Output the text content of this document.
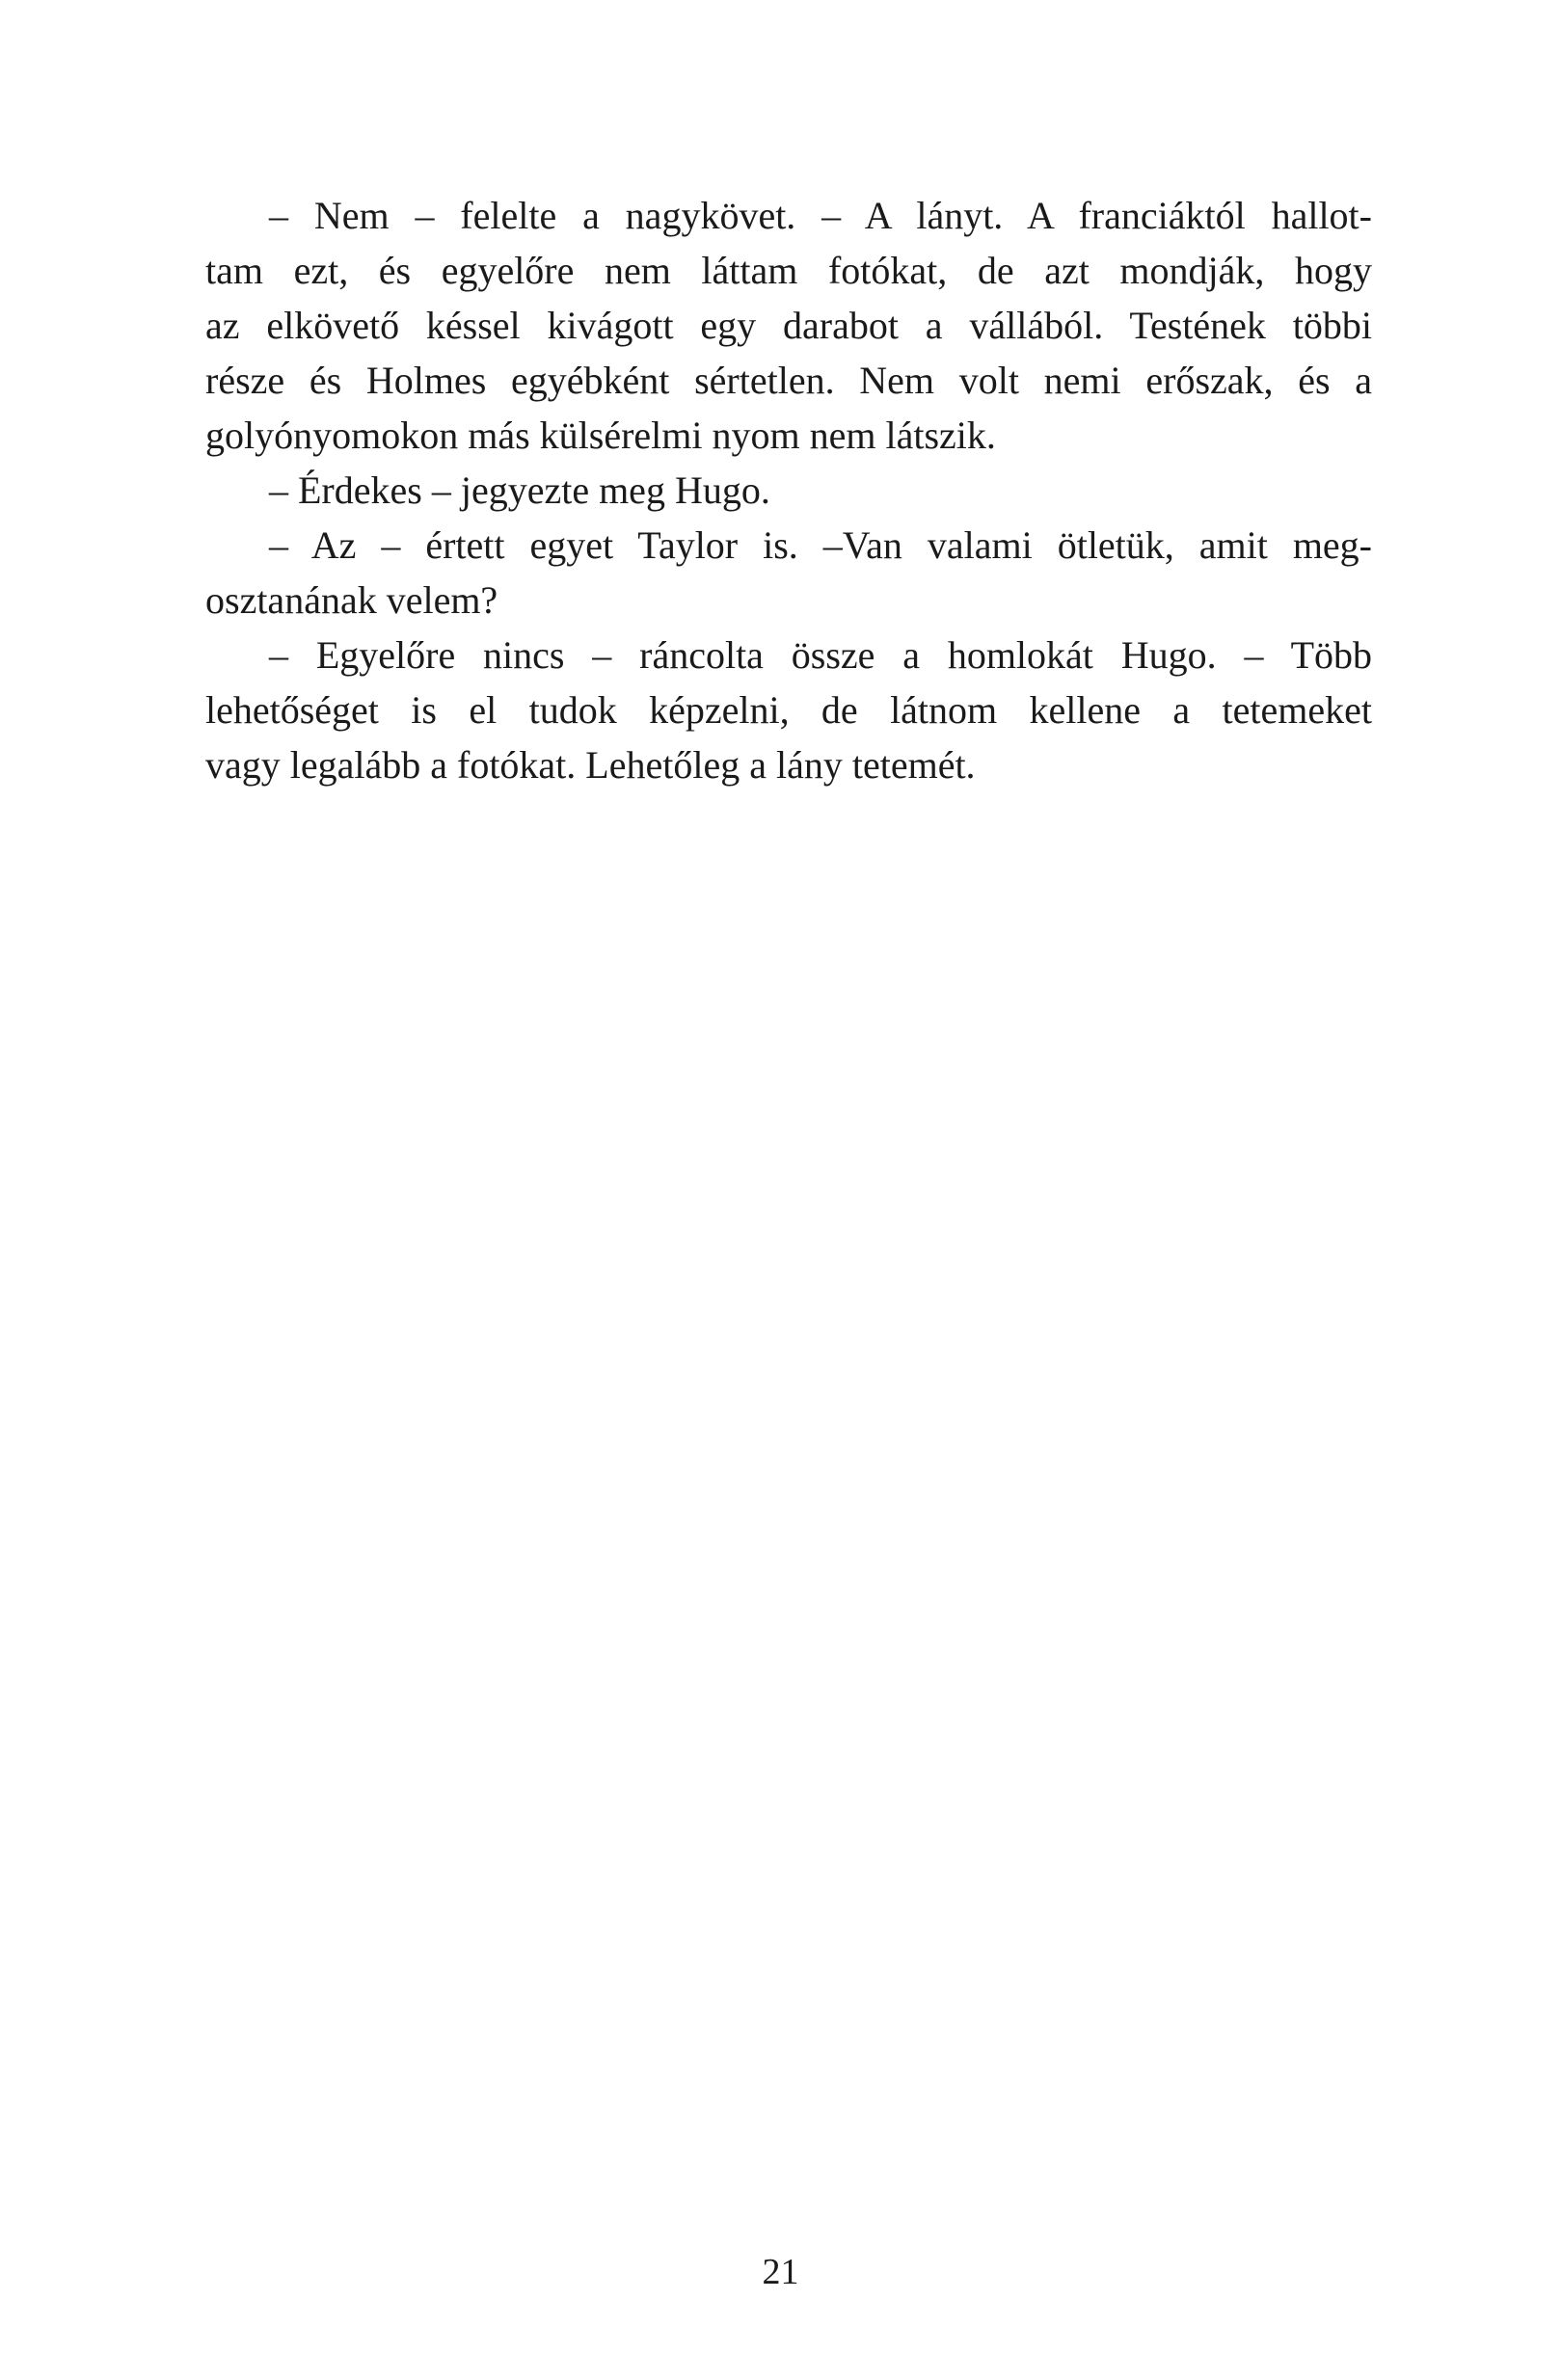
– Nem – felelte a nagykövet. – A lányt. A franciáktól hallot-
tam ezt, és egyelőre nem láttam fotókat, de azt mondják, hogy
az elkövető késsel kivágott egy darabot a vállából. Testének többi
része és Holmes egyébként sértetlen. Nem volt nemi erőszak, és a
golyónyomokon más külsérelmi nyom nem látszik.
– Érdekes – jegyezte meg Hugo.
– Az – értett egyet Taylor is. –Van valami ötletük, amit meg-
osztanának velem?
– Egyelőre nincs – ráncolta össze a homlokát Hugo. – Több
lehetőséget is el tudok képzelni, de látnom kellene a tetemeket
vagy legalább a fotókat. Lehetőleg a lány tetemét.
21
